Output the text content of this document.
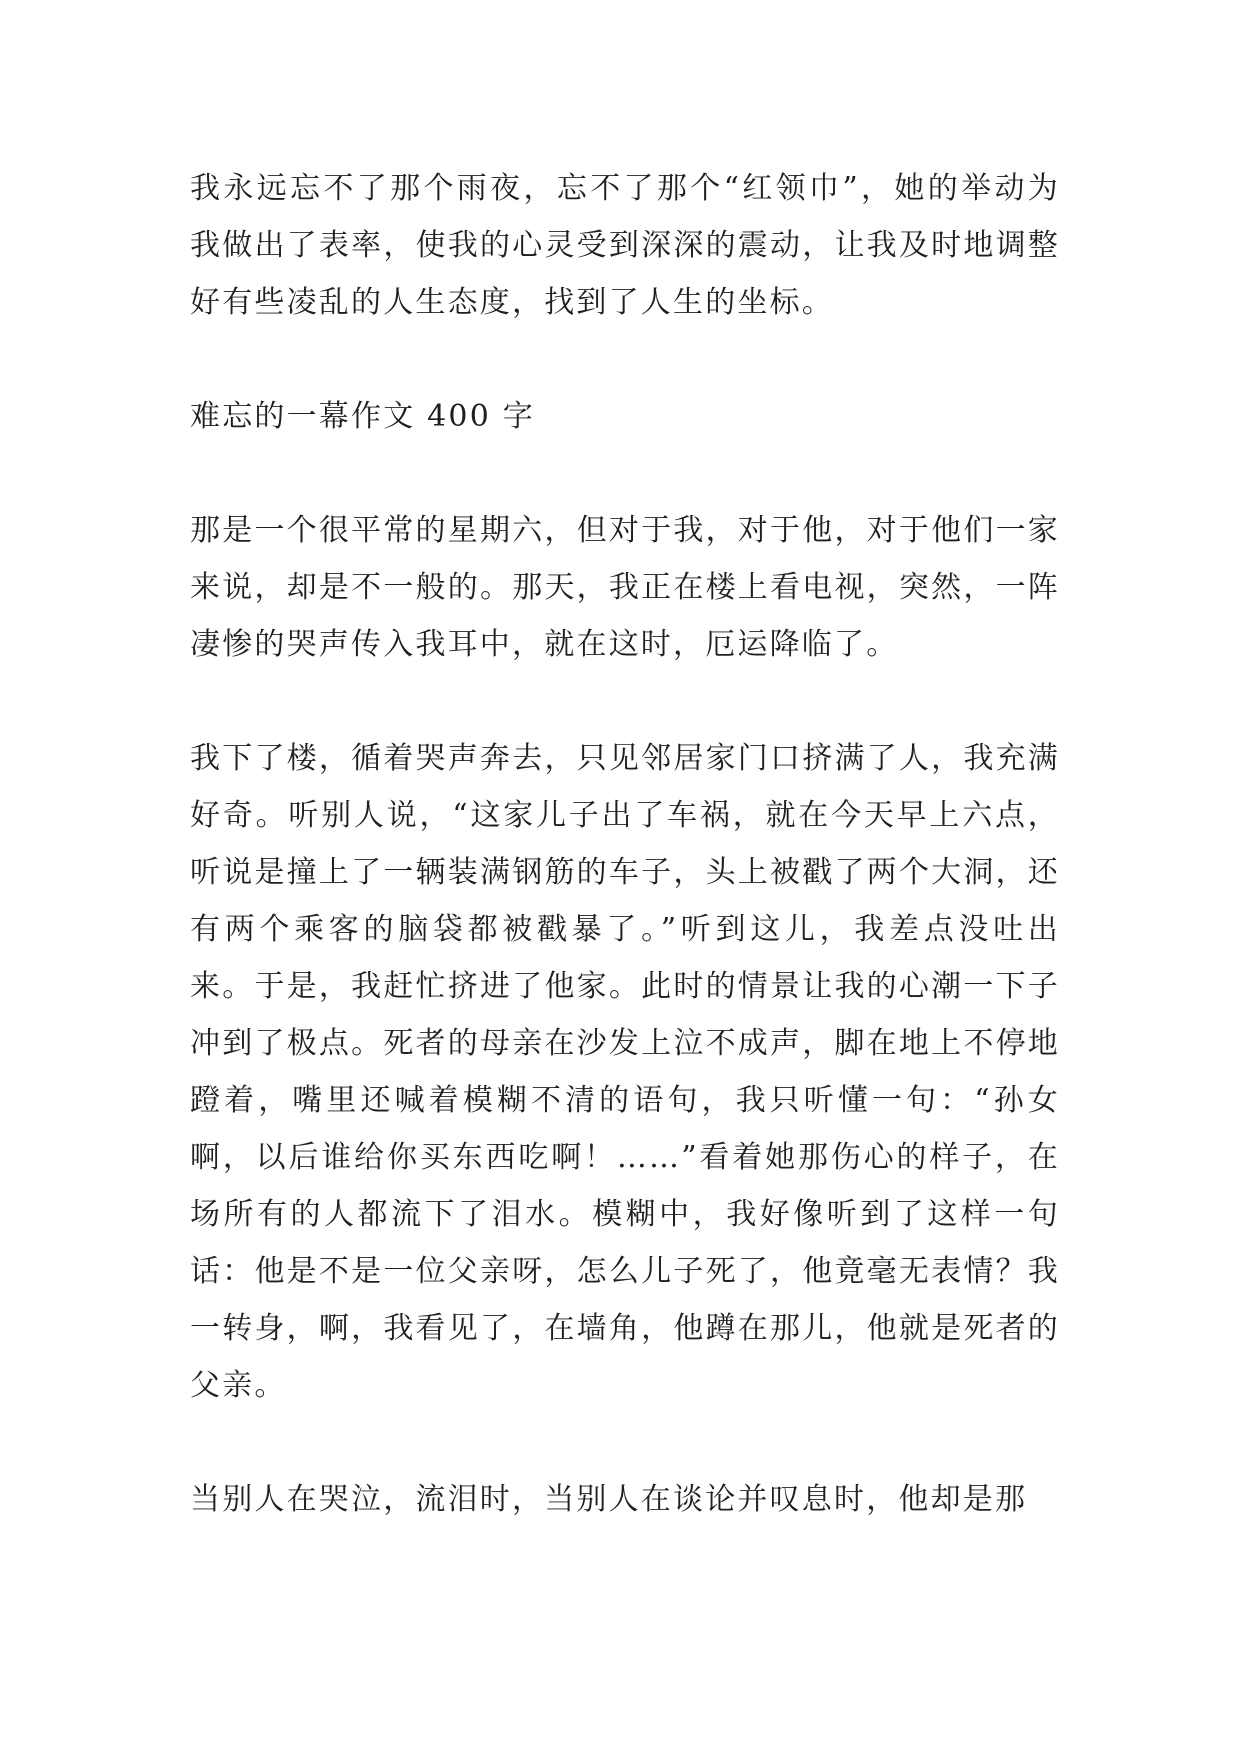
我永远忘不了那个雨夜，忘不了那个“红领巾”，她的举动为我做出了表率，使我的心灵受到深深的震动，让我及时地调整好有些凌乱的人生态度，找到了人生的坐标。

难忘的一幕作文 400 字

那是一个很平常的星期六，但对于我，对于他，对于他们一家来说，却是不一般的。那天，我正在楼上看电视，突然，一阵凄惨的哭声传入我耳中，就在这时，厄运降临了。

我下了楼，循着哭声奔去，只见邻居家门口挤满了人，我充满好奇。听别人说，“这家儿子出了车祸，就在今天早上六点，听说是撞上了一辆装满钢筋的车子，头上被戳了两个大洞，还有两个乘客的脑袋都被戳暴了。”听到这儿，我差点没吐出来。于是，我赶忙挤进了他家。此时的情景让我的心潮一下子冲到了极点。死者的母亲在沙发上泣不成声，脚在地上不停地蹬着，嘴里还喊着模糊不清的语句，我只听懂一句：“孙女啊，以后谁给你买东西吃啊！……”看着她那伤心的样子，在场所有的人都流下了泪水。模糊中，我好像听到了这样一句话：他是不是一位父亲呀，怎么儿子死了，他竟毫无表情？我一转身，啊，我看见了，在墙角，他蹲在那儿，他就是死者的父亲。

当别人在哭泣，流泪时，当别人在谈论并叹息时，他却是那
